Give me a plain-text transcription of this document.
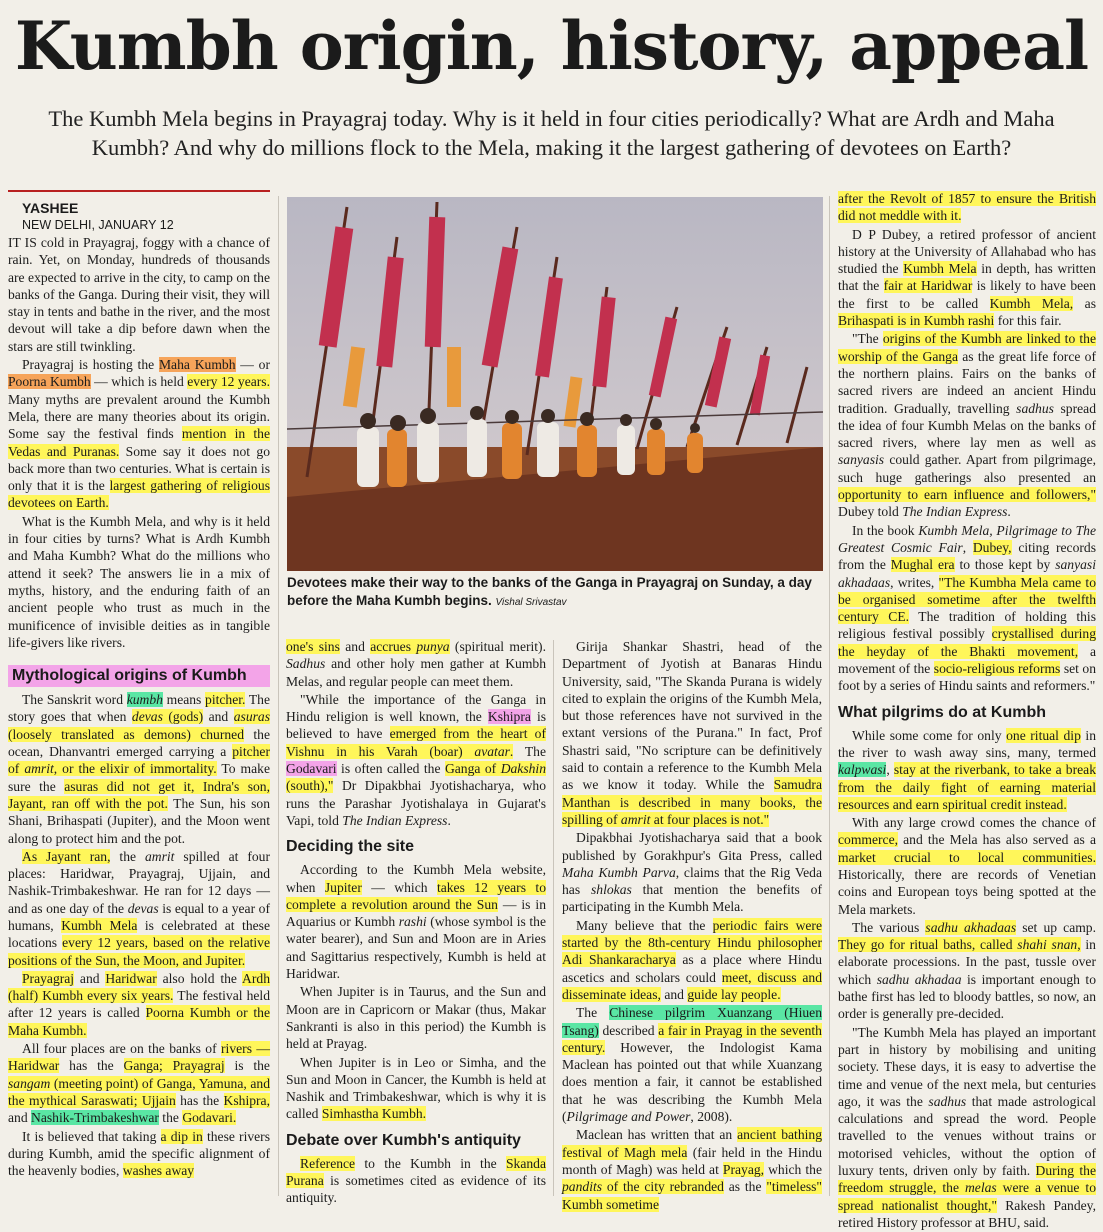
Kumbh origin, history, appeal

The Kumbh Mela begins in Prayagraj today. Why is it held in four cities periodically? What are Ardh and Maha Kumbh? And why do millions flock to the Mela, making it the largest gathering of devotees on Earth?

YASHEE

NEW DELHI, JANUARY 12

IT IS cold in Prayagraj, foggy with a chance of rain. Yet, on Monday, hundreds of thousands are expected to arrive in the city, to camp on the banks of the Ganga. During their visit, they will stay in tents and bathe in the river, and the most devout will take a dip before dawn when the stars are still twinkling.

Prayagraj is hosting the Maha Kumbh — or Poorna Kumbh — which is held every 12 years. Many myths are prevalent around the Kumbh Mela, there are many theories about its origin. Some say the festival finds mention in the Vedas and Puranas. Some say it does not go back more than two centuries. What is certain is only that it is the largest gathering of religious devotees on Earth.

What is the Kumbh Mela, and why is it held in four cities by turns? What is Ardh Kumbh and Maha Kumbh? What do the millions who attend it seek? The answers lie in a mix of myths, history, and the enduring faith of an ancient people who trust as much in the munificence of invisible deities as in tangible life-givers like rivers.

Mythological origins of Kumbh

The Sanskrit word kumbh means pitcher. The story goes that when devas (gods) and asuras (loosely translated as demons) churned the ocean, Dhanvantri emerged carrying a pitcher of amrit, or the elixir of immortality. To make sure the asuras did not get it, Indra's son, Jayant, ran off with the pot. The Sun, his son Shani, Brihaspati (Jupiter), and the Moon went along to protect him and the pot.

As Jayant ran, the amrit spilled at four places: Haridwar, Prayagraj, Ujjain, and Nashik-Trimbakeshwar. He ran for 12 days — and as one day of the devas is equal to a year of humans, Kumbh Mela is celebrated at these locations every 12 years, based on the relative positions of the Sun, the Moon, and Jupiter.

Prayagraj and Haridwar also hold the Ardh (half) Kumbh every six years. The festival held after 12 years is called Poorna Kumbh or the Maha Kumbh.

All four places are on the banks of rivers — Haridwar has the Ganga; Prayagraj is the sangam (meeting point) of Ganga, Yamuna, and the mythical Saraswati; Ujjain has the Kshipra, and Nashik-Trimbakeshwar the Godavari.

It is believed that taking a dip in these rivers during Kumbh, amid the specific alignment of the heavenly bodies, washes away

Devotees make their way to the banks of the Ganga in Prayagraj on Sunday, a day before the Maha Kumbh begins. Vishal Srivastav

one's sins and accrues punya (spiritual merit). Sadhus and other holy men gather at Kumbh Melas, and regular people can meet them.

"While the importance of the Ganga in Hindu religion is well known, the Kshipra is believed to have emerged from the heart of Vishnu in his Varah (boar) avatar. The Godavari is often called the Ganga of Dakshin (south)," Dr Dipakbhai Jyotishacharya, who runs the Parashar Jyotishalaya in Gujarat's Vapi, told The Indian Express.

Deciding the site

According to the Kumbh Mela website, when Jupiter — which takes 12 years to complete a revolution around the Sun — is in Aquarius or Kumbh rashi (whose symbol is the water bearer), and Sun and Moon are in Aries and Sagittarius respectively, Kumbh is held at Haridwar.

When Jupiter is in Taurus, and the Sun and Moon are in Capricorn or Makar (thus, Makar Sankranti is also in this period) the Kumbh is held at Prayag.

When Jupiter is in Leo or Simha, and the Sun and Moon in Cancer, the Kumbh is held at Nashik and Trimbakeshwar, which is why it is called Simhastha Kumbh.

Debate over Kumbh's antiquity

Reference to the Kumbh in the Skanda Purana is sometimes cited as evidence of its antiquity.

Girija Shankar Shastri, head of the Department of Jyotish at Banaras Hindu University, said, "The Skanda Purana is widely cited to explain the origins of the Kumbh Mela, but those references have not survived in the extant versions of the Purana." In fact, Prof Shastri said, "No scripture can be definitively said to contain a reference to the Kumbh Mela as we know it today. While the Samudra Manthan is described in many books, the spilling of amrit at four places is not."

Dipakbhai Jyotishacharya said that a book published by Gorakhpur's Gita Press, called Maha Kumbh Parva, claims that the Rig Veda has shlokas that mention the benefits of participating in the Kumbh Mela.

Many believe that the periodic fairs were started by the 8th-century Hindu philosopher Adi Shankaracharya as a place where Hindu ascetics and scholars could meet, discuss and disseminate ideas, and guide lay people.

The Chinese pilgrim Xuanzang (Hiuen Tsang) described a fair in Prayag in the seventh century. However, the Indologist Kama Maclean has pointed out that while Xuanzang does mention a fair, it cannot be established that he was describing the Kumbh Mela (Pilgrimage and Power, 2008).

Maclean has written that an ancient bathing festival of Magh mela (fair held in the Hindu month of Magh) was held at Prayag, which the pandits of the city rebranded as the "timeless" Kumbh sometime

after the Revolt of 1857 to ensure the British did not meddle with it.

D P Dubey, a retired professor of ancient history at the University of Allahabad who has studied the Kumbh Mela in depth, has written that the fair at Haridwar is likely to have been the first to be called Kumbh Mela, as Brihaspati is in Kumbh rashi for this fair.

"The origins of the Kumbh are linked to the worship of the Ganga as the great life force of the northern plains. Fairs on the banks of sacred rivers are indeed an ancient Hindu tradition. Gradually, travelling sadhus spread the idea of four Kumbh Melas on the banks of sacred rivers, where lay men as well as sanyasis could gather. Apart from pilgrimage, such huge gatherings also presented an opportunity to earn influence and followers," Dubey told The Indian Express.

In the book Kumbh Mela, Pilgrimage to The Greatest Cosmic Fair, Dubey, citing records from the Mughal era to those kept by sanyasi akhadaas, writes, "The Kumbha Mela came to be organised sometime after the twelfth century CE. The tradition of holding this religious festival possibly crystallised during the heyday of the Bhakti movement, a movement of the socio-religious reforms set on foot by a series of Hindu saints and reformers."

What pilgrims do at Kumbh

While some come for only one ritual dip in the river to wash away sins, many, termed kalpwasi, stay at the riverbank, to take a break from the daily fight of earning material resources and earn spiritual credit instead.

With any large crowd comes the chance of commerce, and the Mela has also served as a market crucial to local communities. Historically, there are records of Venetian coins and European toys being spotted at the Mela markets.

The various sadhu akhadaas set up camp. They go for ritual baths, called shahi snan, in elaborate processions. In the past, tussle over which sadhu akhadaa is important enough to bathe first has led to bloody battles, so now, an order is generally pre-decided.

"The Kumbh Mela has played an important part in history by mobilising and uniting society. These days, it is easy to advertise the time and venue of the next mela, but centuries ago, it was the sadhus that made astrological calculations and spread the word. People travelled to the venues without trains or motorised vehicles, without the option of luxury tents, driven only by faith. During the freedom struggle, the melas were a venue to spread nationalist thought," Rakesh Pandey, retired History professor at BHU, said.
